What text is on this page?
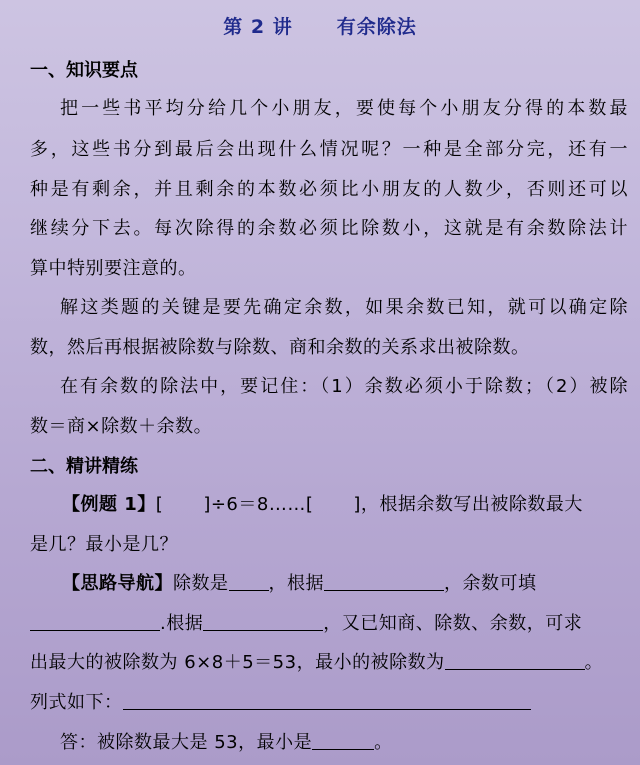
第 2 讲 有余除法
一、知识要点
把一些书平均分给几个小朋友，要使每个小朋友分得的本数最
多，这些书分到最后会出现什么情况呢？一种是全部分完，还有一
种是有剩余，并且剩余的本数必须比小朋友的人数少，否则还可以
继续分下去。每次除得的余数必须比除数小，这就是有余数除法计
算中特别要注意的。
解这类题的关键是要先确定余数，如果余数已知，就可以确定除
数，然后再根据被除数与除数、商和余数的关系求出被除数。
在有余数的除法中，要记住：（1）余数必须小于除数；（2）被除
数＝商×除数＋余数。
二、精讲精练
【例题 1】[ ]÷6＝8……[ ]，根据余数写出被除数最大
是几？最小是几？
【思路导航】除数是 ，根据	，余数可填
.根据	，又已知商、除数、余数，可求
出最大的被除数为 6×8＋5＝53，最小的被除数为	。
列式如下：
答：被除数最大是 53，最小是	。
